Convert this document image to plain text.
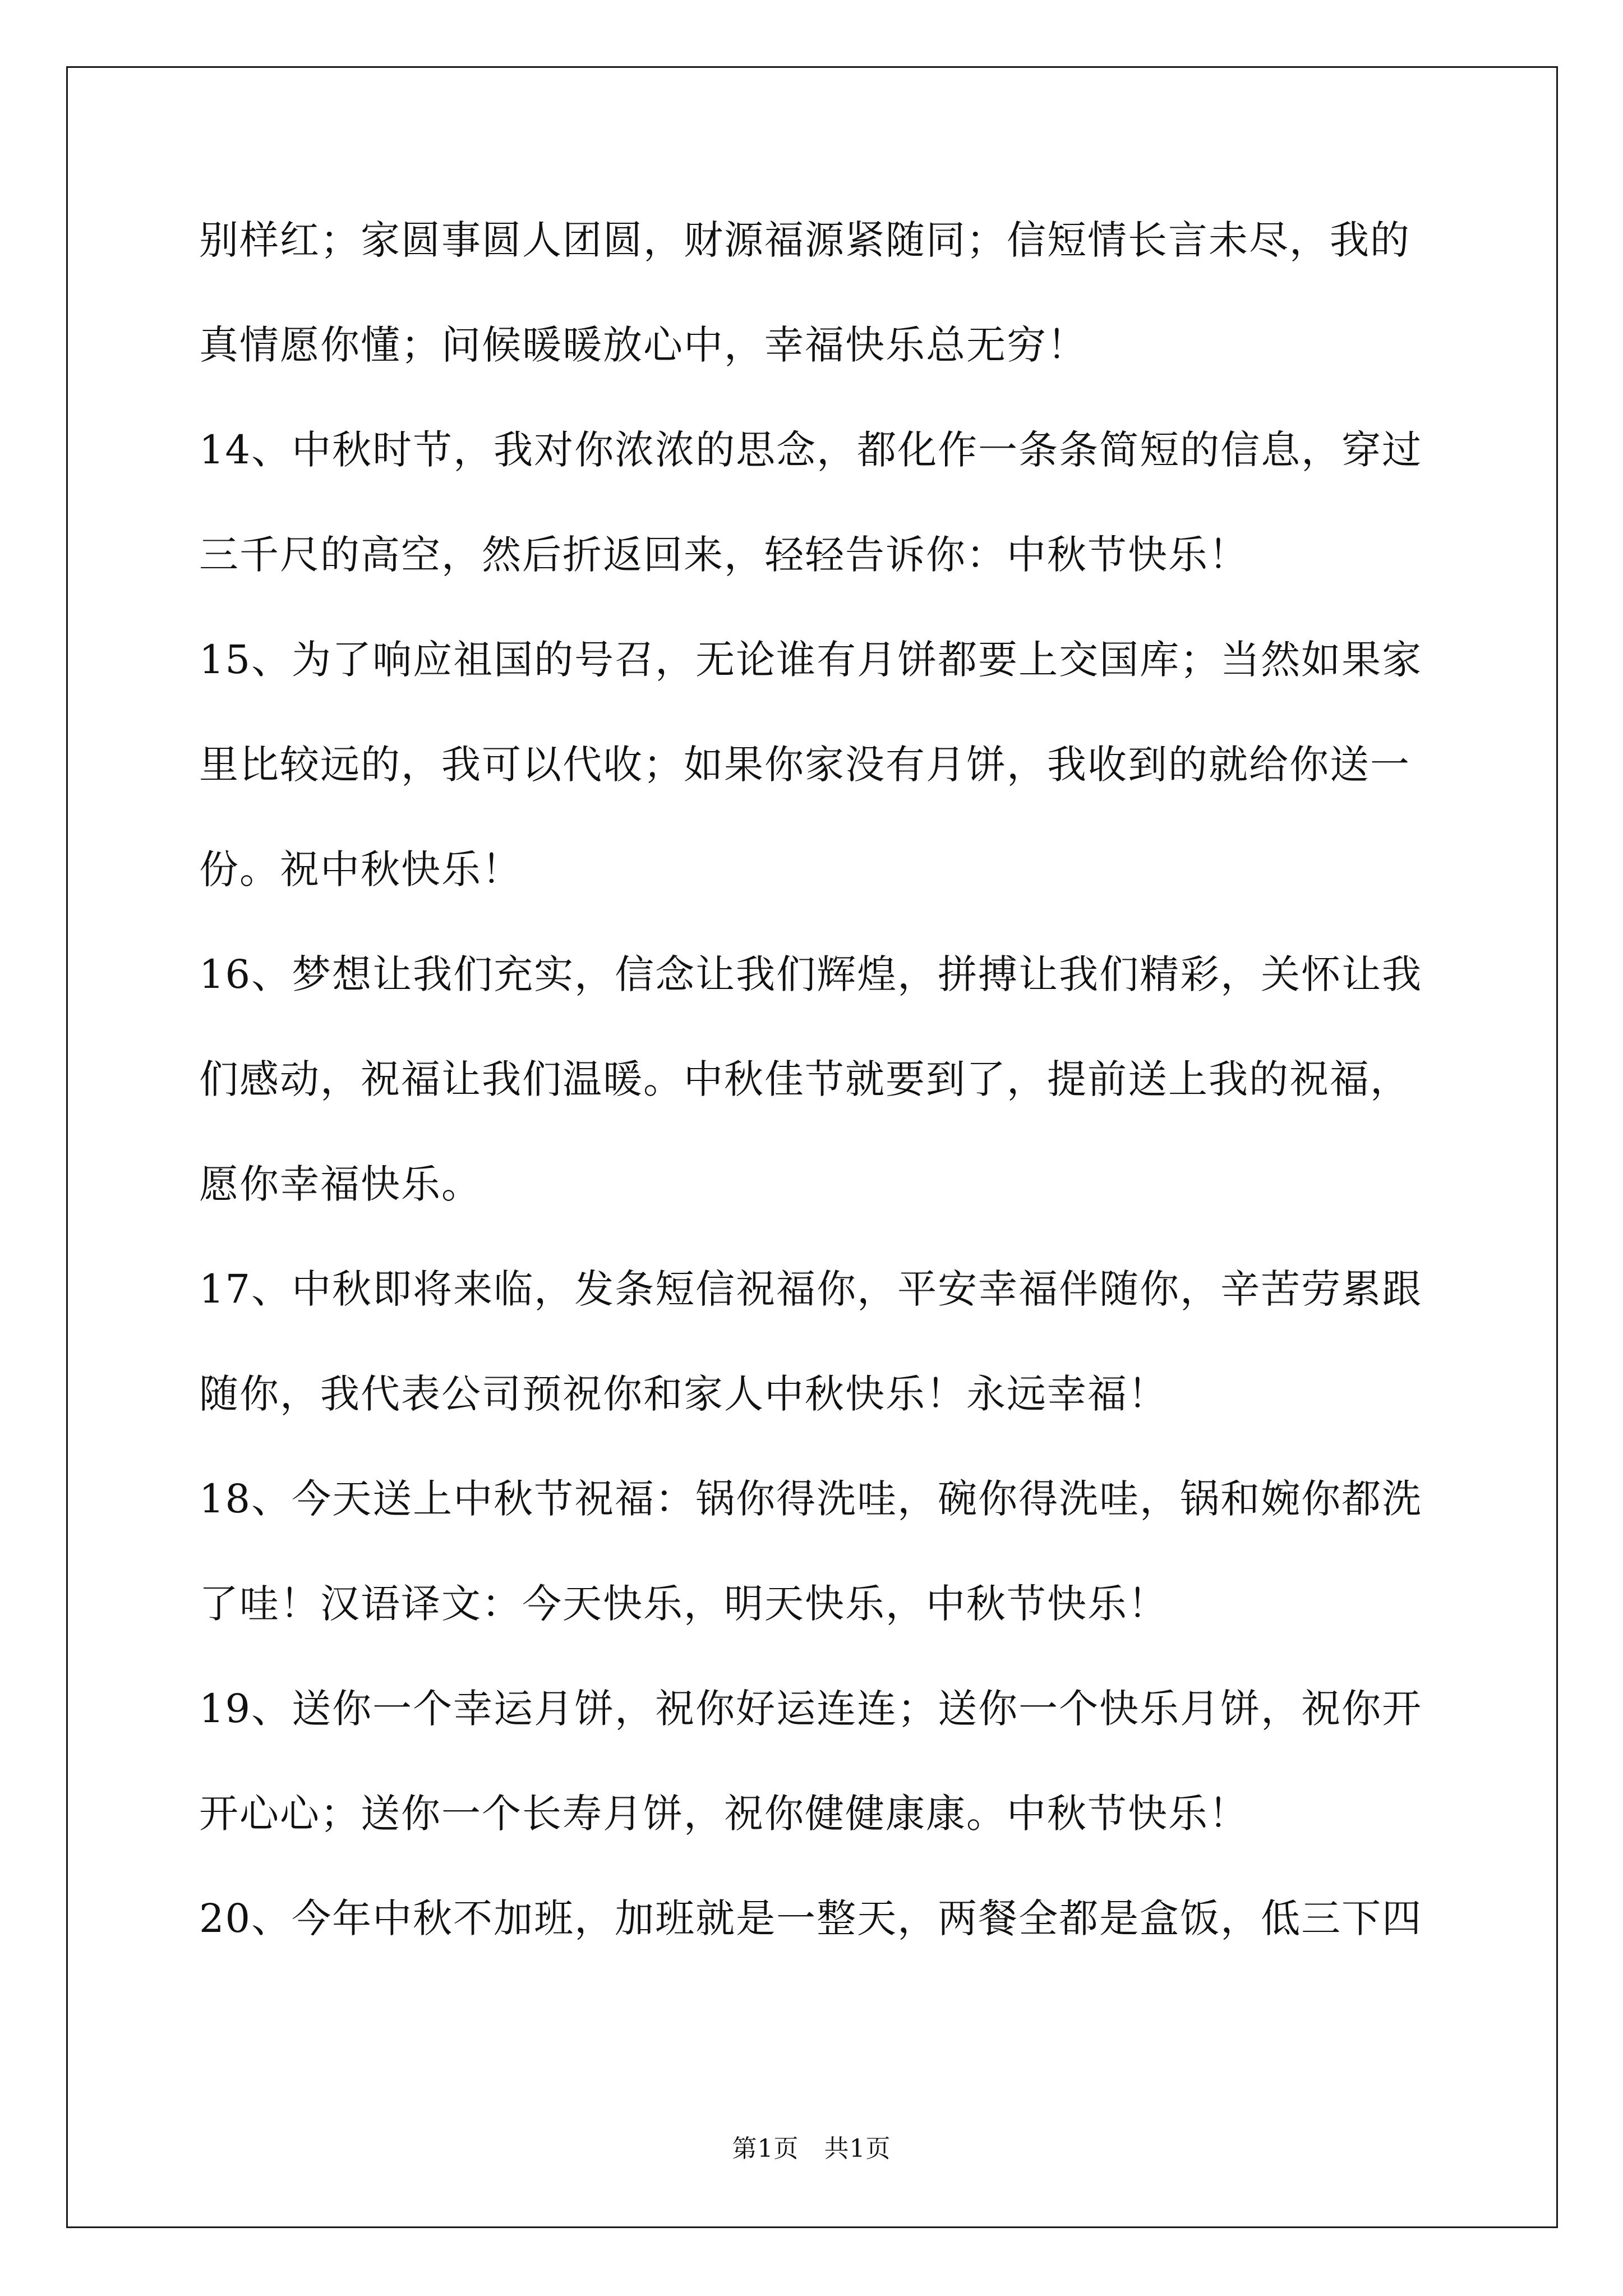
别样红；家圆事圆人团圆，财源福源紧随同；信短情长言未尽，我的
真情愿你懂；问候暖暖放心中，幸福快乐总无穷！
14、中秋时节，我对你浓浓的思念，都化作一条条简短的信息，穿过
三千尺的高空，然后折返回来，轻轻告诉你：中秋节快乐！
15、为了响应祖国的号召，无论谁有月饼都要上交国库；当然如果家
里比较远的，我可以代收；如果你家没有月饼，我收到的就给你送一
份。祝中秋快乐！
16、梦想让我们充实，信念让我们辉煌，拼搏让我们精彩，关怀让我
们感动，祝福让我们温暖。中秋佳节就要到了，提前送上我的祝福，
愿你幸福快乐。
17、中秋即将来临，发条短信祝福你，平安幸福伴随你，辛苦劳累跟
随你，我代表公司预祝你和家人中秋快乐！永远幸福！
18、今天送上中秋节祝福：锅你得洗哇，碗你得洗哇，锅和婉你都洗
了哇！汉语译文：今天快乐，明天快乐，中秋节快乐！
19、送你一个幸运月饼，祝你好运连连；送你一个快乐月饼，祝你开
开心心；送你一个长寿月饼，祝你健健康康。中秋节快乐！
20、今年中秋不加班，加班就是一整天，两餐全都是盒饭，低三下四
第1页　共1页
